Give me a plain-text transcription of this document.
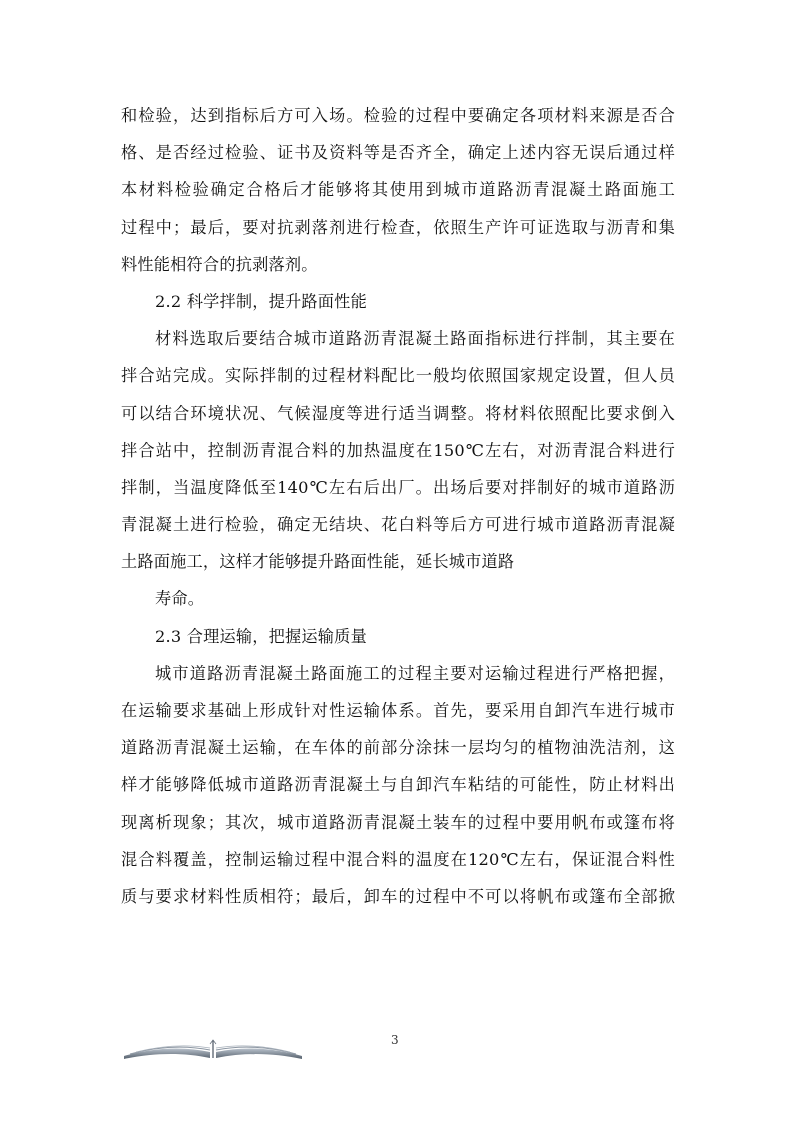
和检验，达到指标后方可入场。检验的过程中要确定各项材料来源是否合
格、是否经过检验、证书及资料等是否齐全，确定上述内容无误后通过样
本材料检验确定合格后才能够将其使用到城市道路沥青混凝土路面施工
过程中；最后，要对抗剥落剂进行检查，依照生产许可证选取与沥青和集
料性能相符合的抗剥落剂。
2.2 科学拌制，提升路面性能
材料选取后要结合城市道路沥青混凝土路面指标进行拌制，其主要在
拌合站完成。实际拌制的过程材料配比一般均依照国家规定设置，但人员
可以结合环境状况、气候湿度等进行适当调整。将材料依照配比要求倒入
拌合站中，控制沥青混合料的加热温度在150℃左右，对沥青混合料进行
拌制，当温度降低至140℃左右后出厂。出场后要对拌制好的城市道路沥
青混凝土进行检验，确定无结块、花白料等后方可进行城市道路沥青混凝
土路面施工，这样才能够提升路面性能，延长城市道路
寿命。
2.3 合理运输，把握运输质量
城市道路沥青混凝土路面施工的过程主要对运输过程进行严格把握，
在运输要求基础上形成针对性运输体系。首先，要采用自卸汽车进行城市
道路沥青混凝土运输，在车体的前部分涂抹一层均匀的植物油洗洁剂，这
样才能够降低城市道路沥青混凝土与自卸汽车粘结的可能性，防止材料出
现离析现象；其次，城市道路沥青混凝土装车的过程中要用帆布或篷布将
混合料覆盖，控制运输过程中混合料的温度在120℃左右，保证混合料性
质与要求材料性质相符；最后，卸车的过程中不可以将帆布或篷布全部掀
3
